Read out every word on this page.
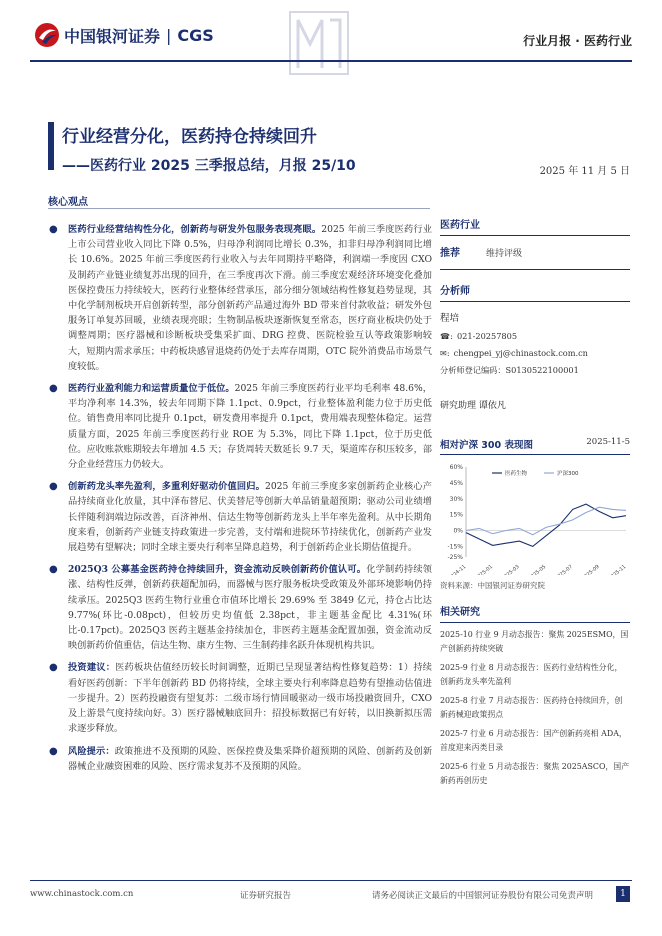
中国银河证券 | CGS	行业月报 · 医药行业
行业经营分化，医药持仓持续回升
——医药行业 2025 三季报总结，月报 25/10	2025 年 11 月 5 日
核心观点
● 医药行业经营结构性分化，创新药与研发外包服务表现亮眼。2025 年前三季度医药行业上市公司营业收入同比下降 0.5%，归母净利润同比增长 0.3%，扣非归母净利润同比增长 10.6%。2025 年前三季度医药行业收入与去年同期持平略降，利润端一季度因 CXO 及制药产业链业绩复苏出现的回升，在三季度再次下滑。前三季度宏观经济环境变化叠加医保控费压力持续较大，医药行业整体经营承压，部分细分领域结构性修复趋势显现，其中化学制剂板块开启创新转型，部分创新药产品通过海外 BD 带来首付款收益；研发外包服务订单复苏回暖，业绩表现亮眼；生物制品板块逐渐恢复至常态，医疗商业板块仍处于调整周期；医疗器械和诊断板块受集采扩面、DRG 控费、医院检验互认等政策影响较大，短期内需求承压；中药板块感冒退烧药仍处于去库存周期，OTC 院外消费品市场景气度较低。
● 医药行业盈利能力和运营质量位于低位。2025 年前三季度医药行业平均毛利率 48.6%，平均净利率 14.3%，较去年同期下降 1.1pct、0.9pct，行业整体盈利能力位于历史低位。销售费用率同比提升 0.1pct，研发费用率提升 0.1pct，费用端表现整体稳定。运营质量方面，2025 年前三季度医药行业 ROE 为 5.3%，同比下降 1.1pct，位于历史低位。应收账款账期较去年增加 4.5 天；存货周转天数延长 9.7 天，渠道库存积压较多，部分企业经营压力仍较大。
● 创新药龙头率先盈利，多重利好驱动价值回归。2025 年前三季度多家创新药企业核心产品持续商业化放量，其中泽布替尼、伏美替尼等创新大单品销量超预期；驱动公司业绩增长伴随利润端边际改善，百济神州、信达生物等创新药龙头上半年率先盈利。从中长期角度来看，创新药产业链支持政策进一步完善，支付端和进院环节持续优化，创新药产业发展趋势有望解决；同时全球主要央行利率呈降息趋势，利于创新药企业长期估值提升。
● 2025Q3 公募基金医药持仓持续回升，资金流动反映创新药价值认可。化学制药持续领涨、结构性反弹，创新药获超配加码，而器械与医疗服务板块受政策及外部环境影响仍持续承压。2025Q3 医药生物行业重仓市值环比增长 29.69% 至 3849 亿元，持仓占比达 9.77%(环比-0.08pct)，但较历史均值低 2.38pct，非主题基金配比 4.31%(环比-0.17pct)。2025Q3 医药主题基金持续加仓，非医药主题基金配置加强，资金流动反映创新药价值重估，信达生物、康方生物、三生制药排名跃升体现机构共识。
● 投资建议：医药板块估值经历较长时间调整，近期已呈现显著结构性修复趋势：1）持续看好医药创新：下半年创新药 BD 仍将持续，全球主要央行利率降息趋势有望推动估值进一步提升。2）医药投融资有望复苏：二级市场行情回暖驱动一级市场投融资回升，CXO 及上游景气度持续向好。3）医疗器械触底回升：招投标数据已有好转，以旧换新拟压需求逐步释放。
● 风险提示：政策推进不及预期的风险、医保控费及集采降价超预期的风险、创新药及创新器械企业融资困难的风险、医疗需求复苏不及预期的风险。
医药行业
推荐	维持评级
分析师
程培
☎: 021-20257805
✉: chengpei_yj@chinastock.com.cn
分析师登记编码：S0130522100001
研究助理 谭依凡
相对沪深 300 表现图	2025-11-5
60%
45%
30%
15%
0%
-15%
-25%
2024-11 2025-01 2025-03 2025-05 2025-07 2025-09 2025-11
医药生物	沪深300
资料来源：中国银河证券研究院
相关研究
2025-10 行业 9 月动态报告：聚焦 2025ESMO，国产创新药持续突破
2025-9 行业 8 月动态报告：医药行业结构性分化，创新药龙头率先盈利
2025-8 行业 7 月动态报告：医药持仓持续回升，创新药械迎政策拐点
2025-7 行业 6 月动态报告：国产创新药亮相 ADA，首度迎来丙类目录
2025-6 行业 5 月动态报告：聚焦 2025ASCO，国产新药再创历史
www.chinastock.com.cn	证券研究报告	请务必阅读正文最后的中国银河证券股份有限公司免责声明	1
